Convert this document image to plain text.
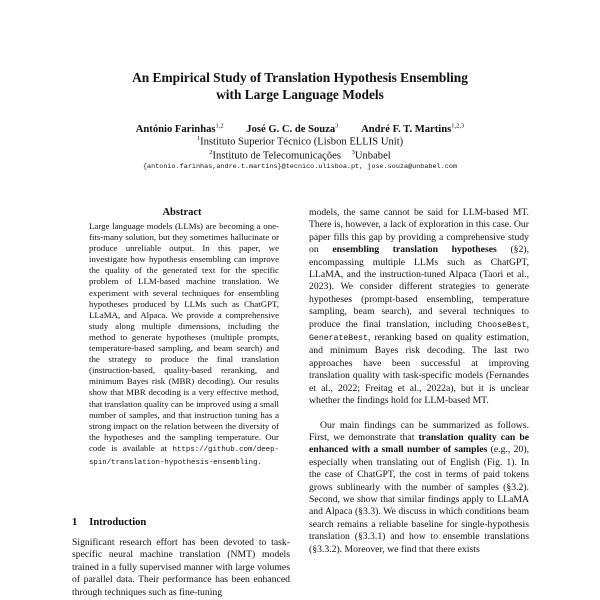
An Empirical Study of Translation Hypothesis Ensembling
with Large Language Models
António Farinhas$^{1,2}$ José G. C. de Souza$^3$ André F. T. Martins$^{1,2,3}$
$^1$Instituto Superior Técnico (Lisbon ELLIS Unit)
$^2$Instituto de Telecomunicações $^3$Unbabel
{antonio.farinhas,andre.t.martins}@tecnico.ulisboa.pt, jose.souza@unbabel.com
Abstract
Large language models (LLMs) are becoming a one-fits-many solution, but they sometimes hallucinate or produce unreliable output. In this paper, we investigate how hypothesis ensembling can improve the quality of the generated text for the specific problem of LLM-based machine translation. We experiment with several techniques for ensembling hypotheses produced by LLMs such as ChatGPT, LLaMA, and Alpaca. We provide a comprehensive study along multiple dimensions, including the method to generate hypotheses (multiple prompts, temperature-based sampling, and beam search) and the strategy to produce the final translation (instruction-based, quality-based reranking, and minimum Bayes risk (MBR) decoding). Our results show that MBR decoding is a very effective method, that translation quality can be improved using a small number of samples, and that instruction tuning has a strong impact on the relation between the diversity of the hypotheses and the sampling temperature. Our code is available at https://github.com/deep-spin/translation-hypothesis-ensembling.
1 Introduction
Significant research effort has been devoted to task-specific neural machine translation (NMT) models trained in a fully supervised manner with large volumes of parallel data. Their performance has been enhanced through techniques such as fine-tuning

models, the same cannot be said for LLM-based MT. There is, however, a lack of exploration in this case. Our paper fills this gap by providing a comprehensive study on ensembling translation hypotheses (§2), encompassing multiple LLMs such as ChatGPT, LLaMA, and the instruction-tuned Alpaca (Taori et al., 2023). We consider different strategies to generate hypotheses (prompt-based ensembling, temperature sampling, beam search), and several techniques to produce the final translation, including ChooseBest, GenerateBest, reranking based on quality estimation, and minimum Bayes risk decoding. The last two approaches have been successful at improving translation quality with task-specific models (Fernandes et al., 2022; Freitag et al., 2022a), but it is unclear whether the findings hold for LLM-based MT.

Our main findings can be summarized as follows. First, we demonstrate that translation quality can be enhanced with a small number of samples (e.g., 20), especially when translating out of English (Fig. 1). In the case of ChatGPT, the cost in terms of paid tokens grows sublinearly with the number of samples (§3.2). Second, we show that similar findings apply to LLaMA and Alpaca (§3.3). We discuss in which conditions beam search remains a reliable baseline for single-hypothesis translation (§3.3.1) and how to ensemble translations (§3.3.2). Moreover, we find that there exists
